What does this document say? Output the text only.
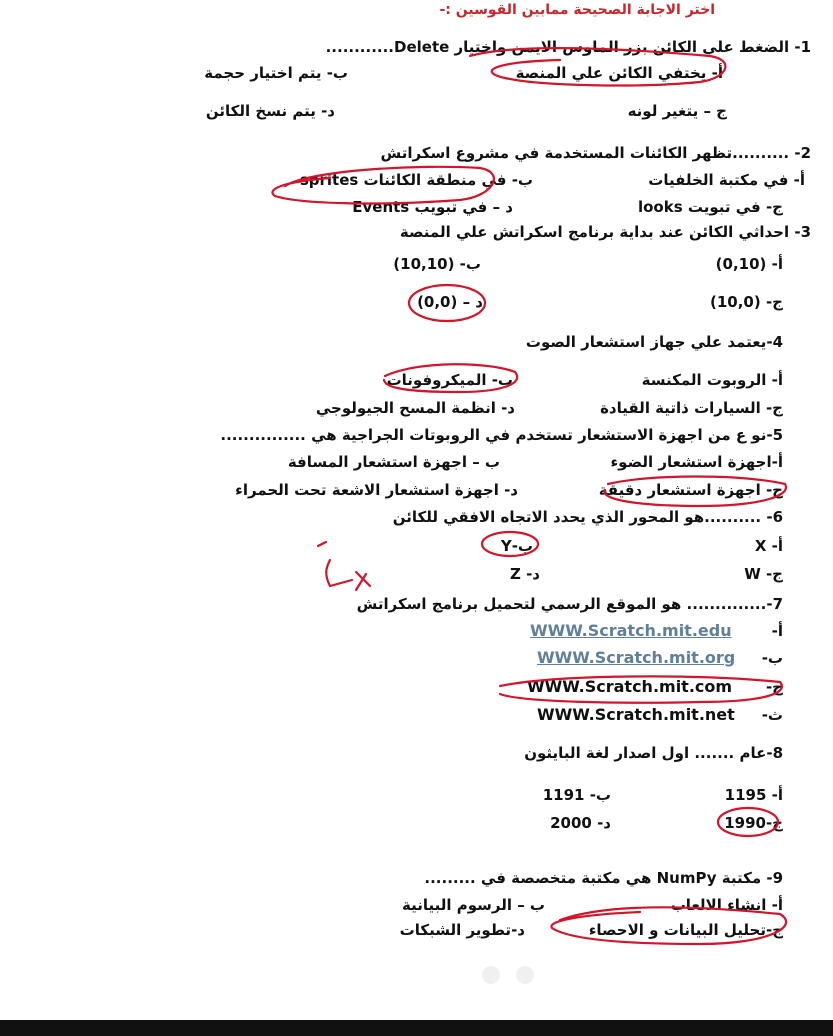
اختر الاجابة الصحيحة ممابين القوسين :-
1- الضغط علي الكائن بزر الماوس الايمن واختيار Delete............
أ- يختفي الكائن علي المنصة
ب- يتم اختيار حجمة
ج – يتغير لونه
د- يتم نسخ الكائن
2- ..........تظهر الكائنات المستخدمة في مشروع اسكراتش
أ- في مكتبة الخلفيات
ب- في منطقة الكائنات sprites
ج- في تبويت looks
د – في تبويب Events
3- احداثي الكائن عند بداية برنامج اسكراتش علي المنصة
أ- (0,10)
ب- (10,10)
ج- (10,0)
د – (0,0)
4-يعتمد علي جهاز استشعار الصوت
أ- الروبوت المكنسة
ب- الميكروفونات
ج- السيارات ذاتية القيادة
د- انظمة المسح الجيولوجي
5-نو ع من اجهزة الاستشعار تستخدم في الروبوتات الجراجية هي ...............
أ-اجهزة استشعار الضوء
ب – اجهزة استشعار المسافة
ج- اجهزة استشعار دقيقة
د- اجهزة استشعار الاشعة تحت الحمراء
6- ..........هو المحور الذي يحدد الاتجاه الافقي للكائن
أ- X
ب-Y
ج- W
د- Z
7-.............. هو الموقع الرسمي لتحميل برنامج اسكراتش
WWW.Scratch.mit.edu	أ-
WWW.Scratch.mit.org ب-
WWW.Scratch.mit.com ج-
WWW.Scratch.mit.net ث-
8-عام ....... اول اصدار لغة البايثون
أ- 1195
ب- 1191
ج-1990
د- 2000
9- مكتبة NumPy هي مكتبة متخصصة في .........
أ- انشاء الالعاب
ب – الرسوم البيانية
ج-تحليل البيانات و الاحصاء
د-تطوير الشبكات
